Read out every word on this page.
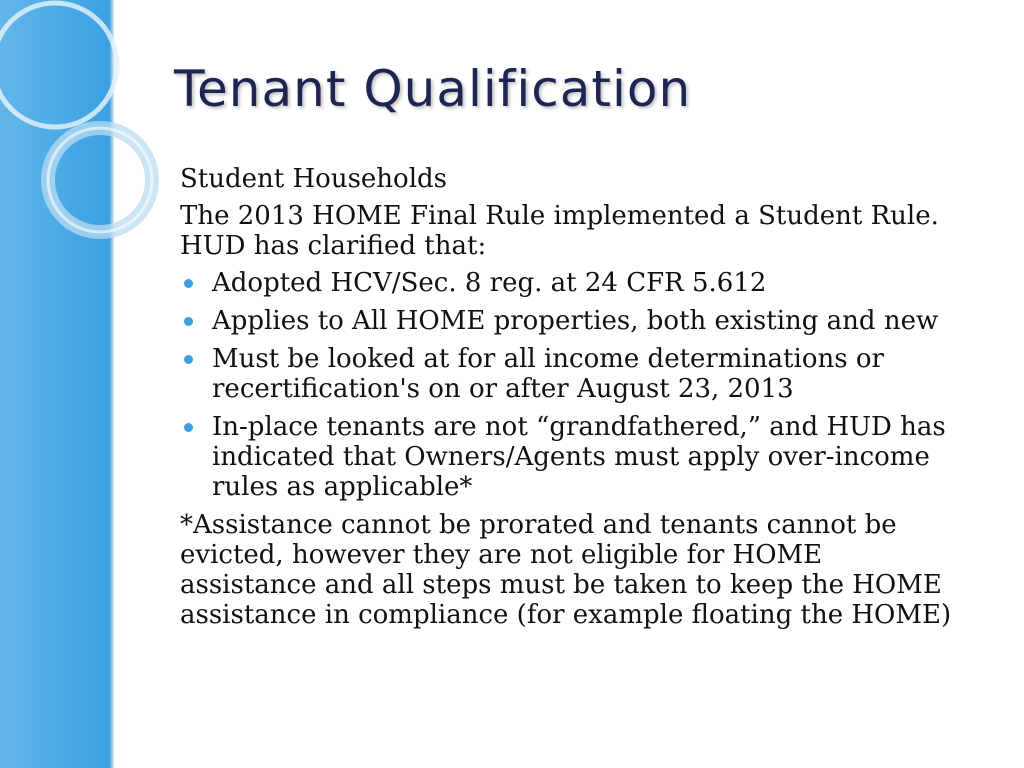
Tenant Qualification
Student Households
The 2013 HOME Final Rule implemented a Student Rule.
HUD has clarified that:
Adopted HCV/Sec. 8 reg. at 24 CFR 5.612
Applies to All HOME properties, both existing and new
Must be looked at for all income determinations or
recertification's on or after August 23, 2013
In-place tenants are not “grandfathered,” and HUD has
indicated that Owners/Agents must apply over-income
rules as applicable*
*Assistance cannot be prorated and tenants cannot be
evicted, however they are not eligible for HOME
assistance and all steps must be taken to keep the HOME
assistance in compliance (for example floating the HOME)
